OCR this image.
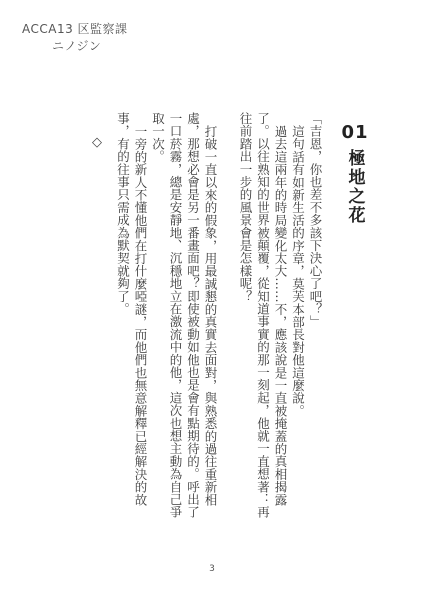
ACCA13 区監察課
ニノジン
01
極地之花

「吉恩，你也差不多該下決心了吧？」

這句話有如新生活的序章，莫芙本部長對他這麼說。

過去這兩年的時局變化太大……不，應該說是一直被掩蓋的真相揭露了。以往熟知的世界被顛覆，從知道事實的那一刻起，他就一直想著：再往前踏出一步的風景會是怎樣呢？

打破一直以來的假象，用最誠懇的真實去面對，與熟悉的過往重新相處，那想必會是另一番畫面吧？即使被動如他也是會有點期待的。呼出了一口菸霧，總是安靜地、沉穩地立在激流中的他，這次也想主動為自己爭取一次。

一旁的新人不懂他們在打什麼啞謎，而他們也無意解釋已經解決的故事，有的往事只需成為默契就夠了。

◇
3
